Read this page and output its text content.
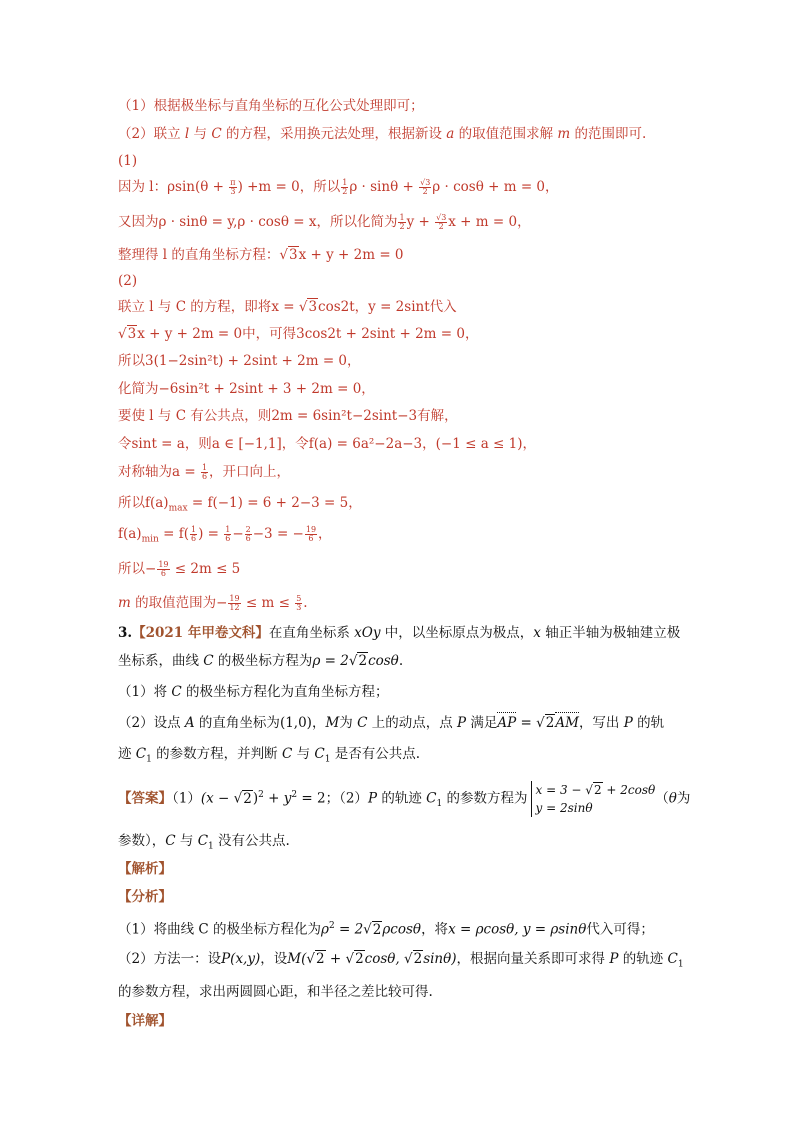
（1）根据极坐标与直角坐标的互化公式处理即可；
（2）联立 l 与 C 的方程，采用换元法处理，根据新设 a 的取值范围求解 m 的范围即可.
(1)
因为 l：$\rho\sin(\theta + \frac{\pi}{3}$ ) +m = 0，所以 $\frac{1}{2}$ $\rho \cdot \sin\theta + \frac{√3}{2}$ ρ · cosθ + m = 0，
又因为ρ · sinθ = y,ρ · cosθ = x，所以化简为 $\frac{1}{2}$ $y + \frac{√3}{2}$ x + m = 0，
整理得 l 的直角坐标方程：√3x + y + 2m = 0
(2)
联立 l 与 C 的方程，即将x = √3cos2t，y = 2sint代入
√3x + y + 2m = 0中，可得3cos2t + 2sint + 2m = 0，
所以3(1−2sin²t) + 2sint + 2m = 0，
化简为−6sin²t + 2sint + 3 + 2m = 0，
要使 l 与 C 有公共点，则2m = 6sin²t−2sint−3有解，
令sint = a，则a ∈ [−1,1]，令f(a) = 6a²−2a−3，(−1 ≤ a ≤ 1)，
对称轴为$a = \frac{1}{6}$ ，开口向上，
所以$f(a)_{max} = f(-1) = 6 + 2-3 = 5$，
$f(a)_{min} = f( \frac{1}{6}$ ) = $\frac{1}{6} - \frac{2}{6} -3$ = − $\frac{19}{6}$ ，
所以− $\frac{19}{6} \le 2m \le 5$
m 的取值范围为− $\frac{19}{12} \le m \le \frac{5}{3}$ .
3.【2021 年甲卷文科】在直角坐标系 xOy 中，以坐标原点为极点，x 轴正半轴为极轴建立极
坐标系，曲线 C 的极坐标方程为ρ = 2√2cosθ.
（1）将 C 的极坐标方程化为直角坐标方程；
（2）设点 A 的直角坐标为(1,0)，M为 C 上的动点，点 P 满足AP = √2AM，写出 P 的轨
迹 $C_1$ 的参数方程，并判断 C 与 $C_1$ 是否有公共点.
【答案】$(1)(x - √2)^2 + y^2 = 2$；（2）P 的轨迹 $C_1$ 的参数方程为
x = 3 − √2 + 2cosθ
y = 2sinθ
（θ为
参数），C 与 $C_1$ 没有公共点.
【解析】
【分析】
（1）将曲线 C 的极坐标方程化为$\rho^2 = 2√2\rho\cos\theta$，将x = ρcosθ, y = ρsinθ代入可得；
（2）方法一：设P(x,y)，设M(√2 + √2cosθ, √2sinθ)，根据向量关系即可求得 P 的轨迹 $C_1$
的参数方程，求出两圆圆心距，和半径之差比较可得.
【详解】
